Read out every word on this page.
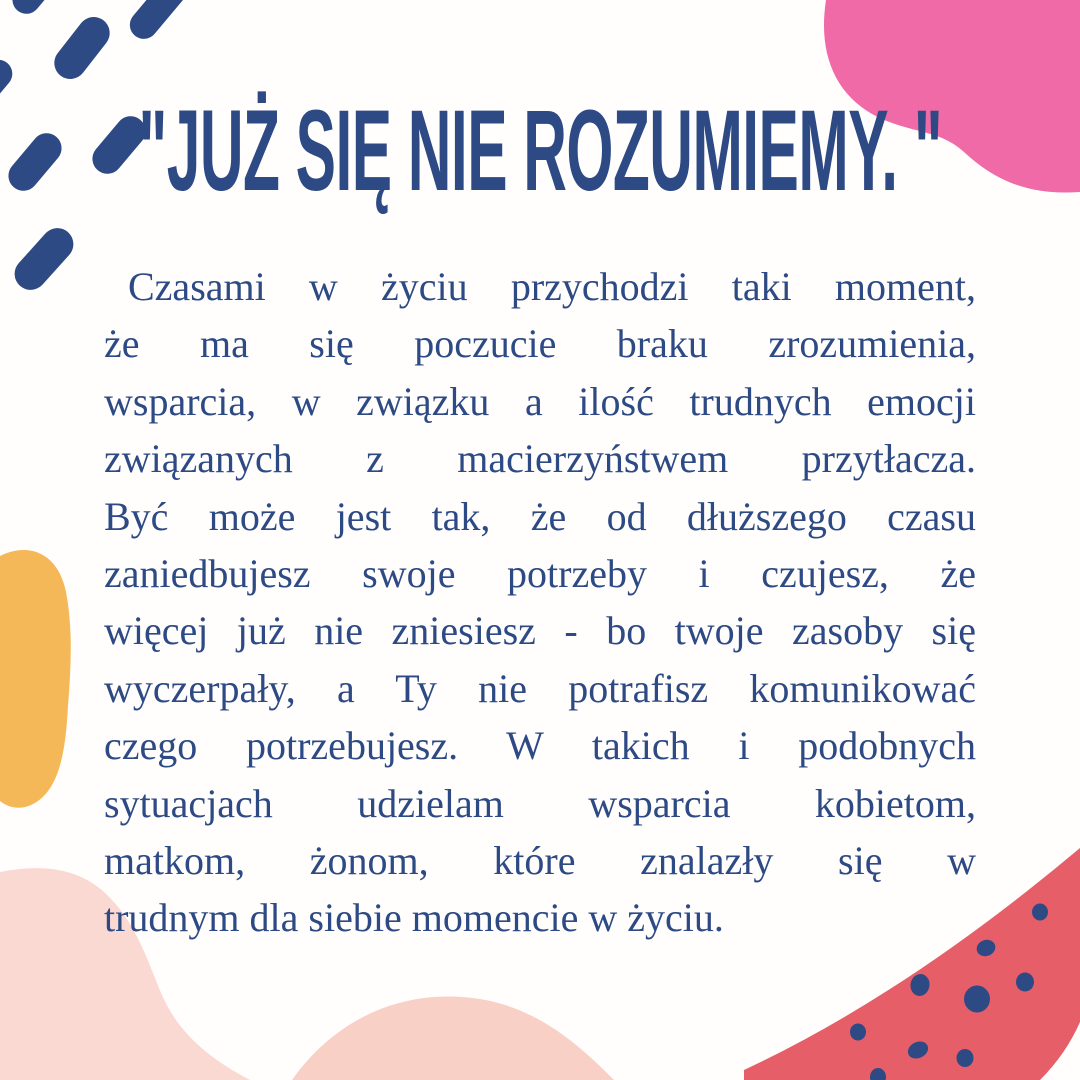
"JUŻ SIĘ NIE ROZUMIEMY. "
Czasami w życiu przychodzi taki moment,
że ma się poczucie braku zrozumienia,
wsparcia, w związku a ilość trudnych emocji
związanych z macierzyństwem przytłacza.
Być może jest tak, że od dłuższego czasu
zaniedbujesz swoje potrzeby i czujesz, że
więcej już nie zniesiesz - bo twoje zasoby się
wyczerpały, a Ty nie potrafisz komunikować
czego potrzebujesz. W takich i podobnych
sytuacjach udzielam wsparcia kobietom,
matkom, żonom, które znalazły się w
trudnym dla siebie momencie w życiu.
